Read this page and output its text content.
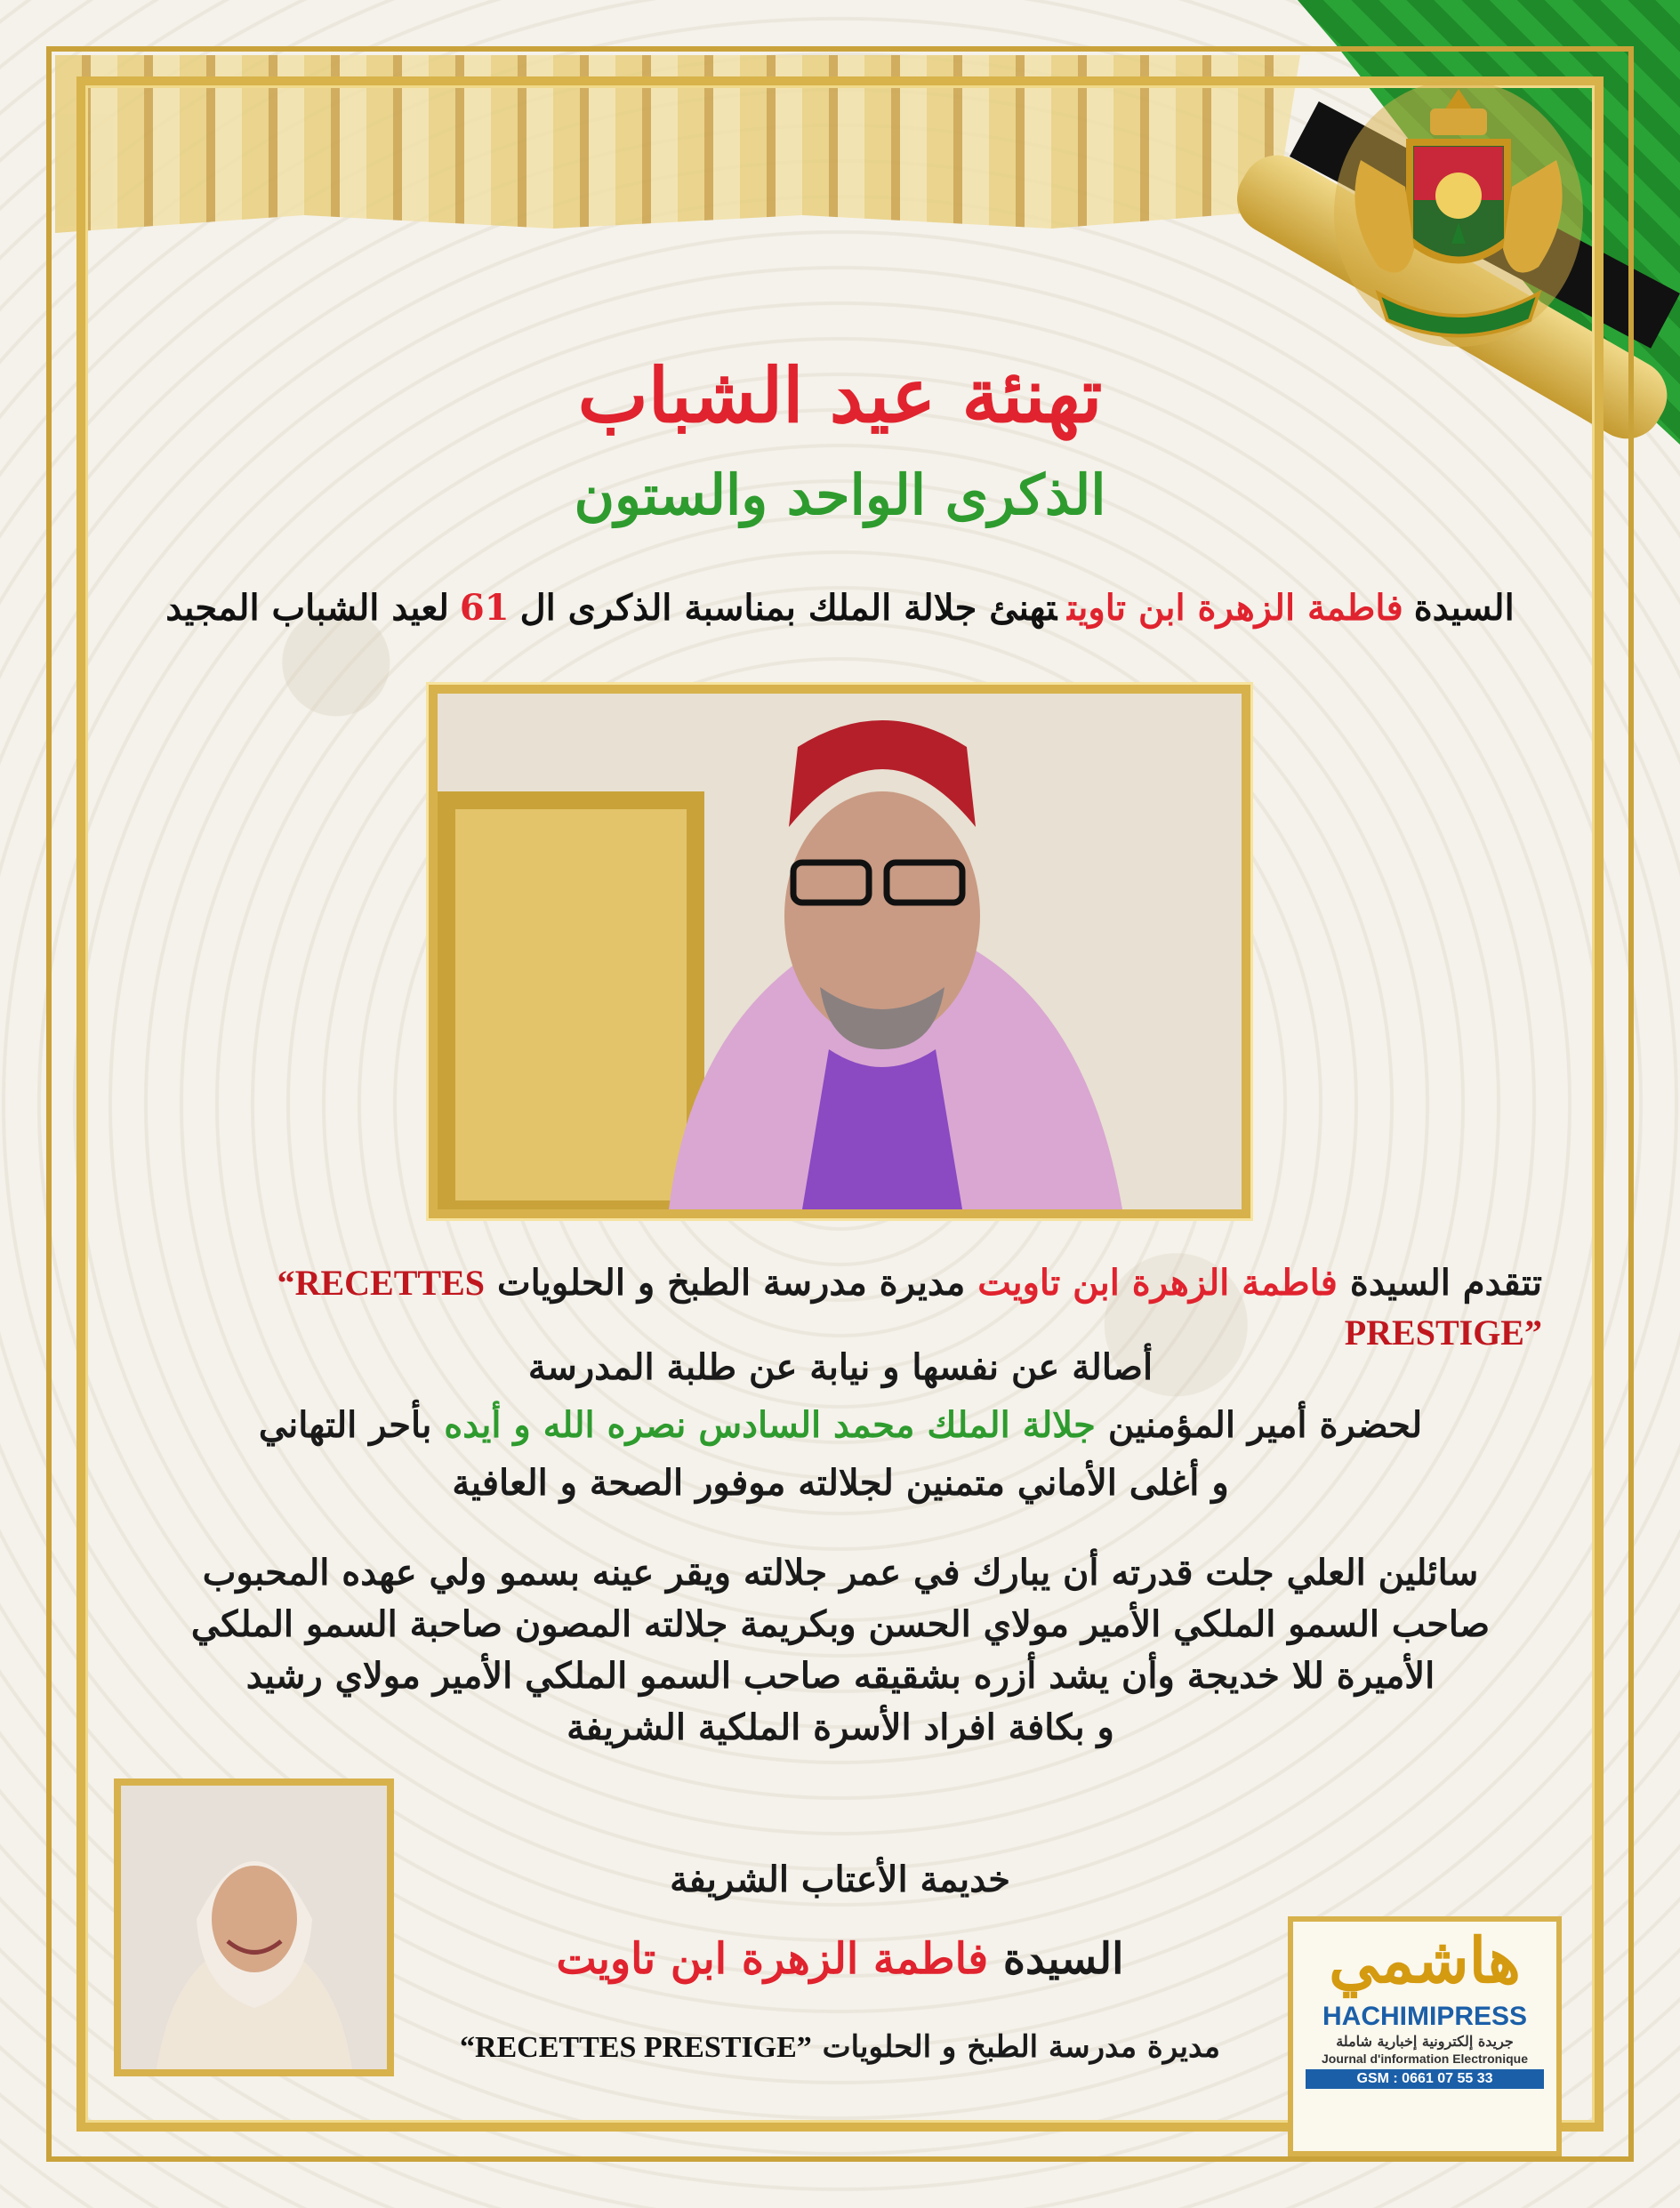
تهنئة عيد الشباب
الذكرى الواحد والستون
السيدةفاطمة الزهرة ابن تاويتتهنئ جلالة الملك بمناسبة الذكرى ال61لعيد الشباب المجيد
تتقدم السيدة فاطمة الزهرة ابن تاويت مديرة مدرسة الطبخ و الحلويات “RECETTES PRESTIGE”
أصالة عن نفسها و نيابة عن طلبة المدرسة
لحضرة أمير المؤمنين جلالة الملك محمد السادس نصره الله و أيده بأحر التهاني
و أغلى الأماني متمنين لجلالته موفور الصحة و العافية
سائلين العلي جلت قدرته أن يبارك في عمر جلالته ويقر عينه بسمو ولي عهده المحبوب
صاحب السمو الملكي الأمير مولاي الحسن وبكريمة جلالته المصون صاحبة السمو الملكي
الأميرة للا خديجة وأن يشد أزره بشقيقه صاحب السمو الملكي الأمير مولاي رشيد
و بكافة افراد الأسرة الملكية الشريفة
خديمة الأعتاب الشريفة
السيدة فاطمة الزهرة ابن تاويت
مديرة مدرسة الطبخ و الحلويات “RECETTES PRESTIGE”
هاشمي
HACHIMIPRESS
جريدة إلكترونية إخبارية شاملة
Journal d'information Electronique
GSM : 0661 07 55 33
